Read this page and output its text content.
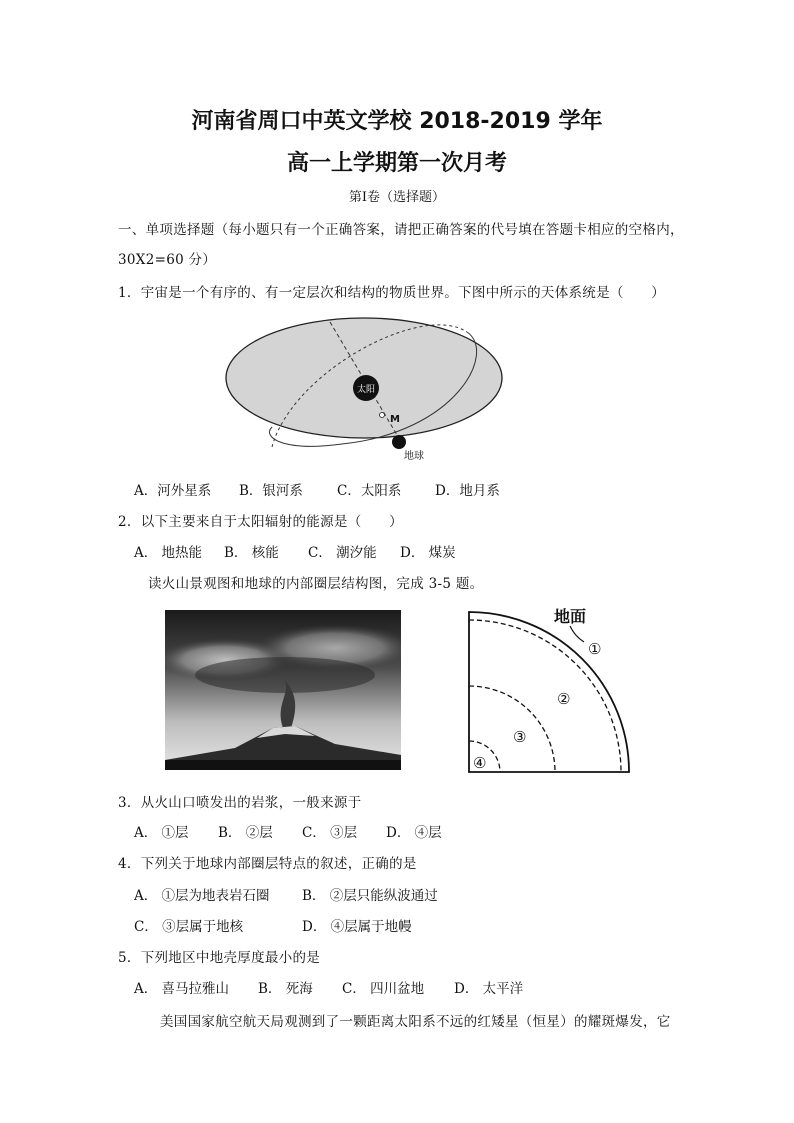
河南省周口中英文学校 2018-2019 学年
高一上学期第一次月考
第Ⅰ卷（选择题）
一、单项选择题（每小题只有一个正确答案，请把正确答案的代号填在答题卡相应的空格内，
30X2=60 分）
1．宇宙是一个有序的、有一定层次和结构的物质世界。下图中所示的天体系统是（　　）
太阳
M
地球
A．河外星系 B．银河系	C．太阳系 D．地月系
2．以下主要来自于太阳辐射的能源是（　　）
A． 地热能 B． 核能 C． 潮汐能 D． 煤炭
读火山景观图和地球的内部圈层结构图，完成 3-5 题。
地面
①
②
③
④
3．从火山口喷发出的岩浆，一般来源于
A． ①层 B． ②层 C． ③层 D． ④层
4．下列关于地球内部圈层特点的叙述，正确的是
A． ①层为地表岩石圈 B． ②层只能纵波通过
C． ③层属于地核	D． ④层属于地幔
5．下列地区中地壳厚度最小的是
A． 喜马拉雅山 B． 死海 C． 四川盆地 D． 太平洋
美国国家航空航天局观测到了一颗距离太阳系不远的红矮星（恒星）的耀斑爆发，它
